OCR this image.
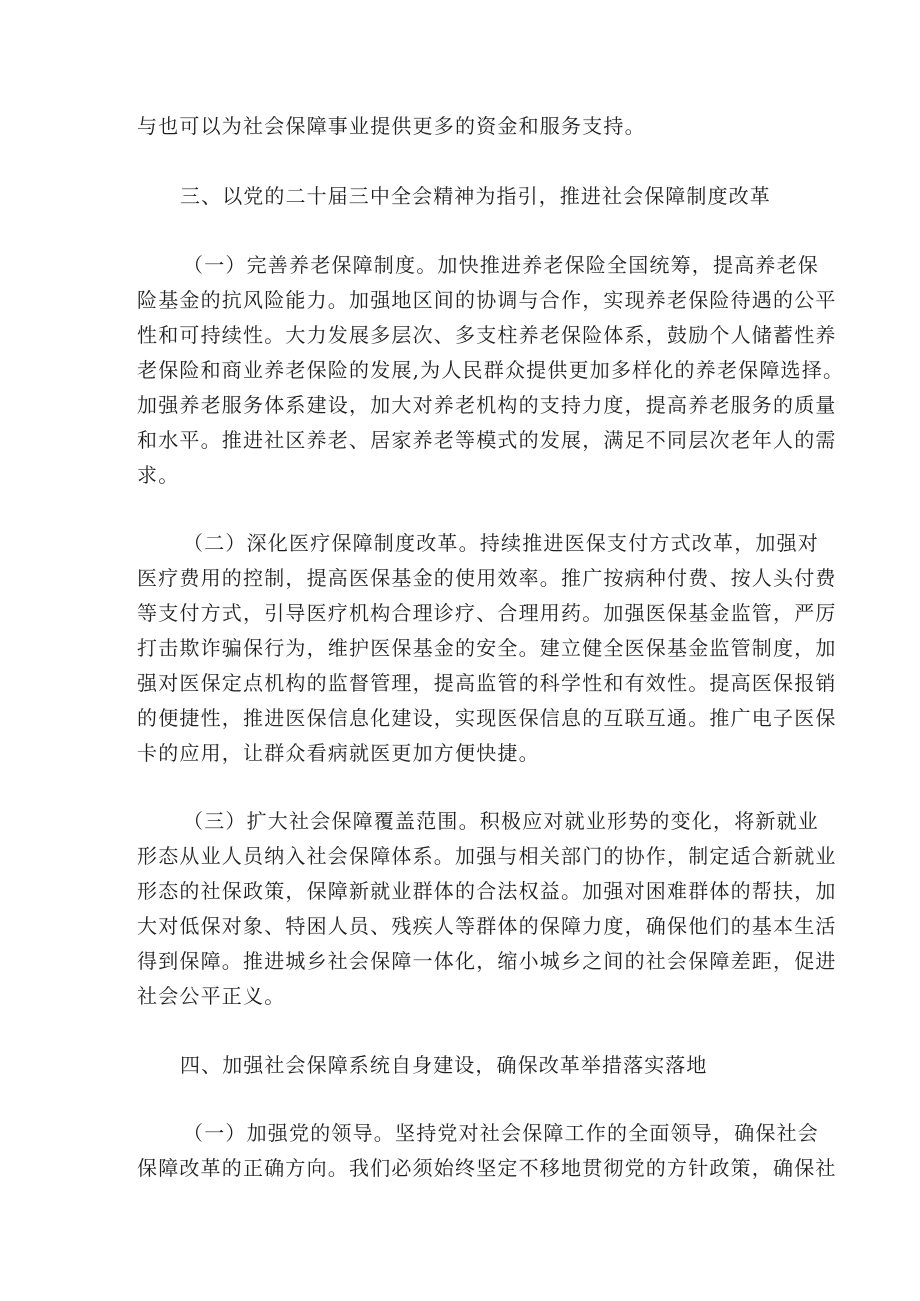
与也可以为社会保障事业提供更多的资金和服务支持。
三、以党的二十届三中全会精神为指引，推进社会保障制度改革
（一）完善养老保障制度。加快推进养老保险全国统筹，提高养老保
险基金的抗风险能力。加强地区间的协调与合作，实现养老保险待遇的公平
性和可持续性。大力发展多层次、多支柱养老保险体系，鼓励个人储蓄性养
老保险和商业养老保险的发展,为人民群众提供更加多样化的养老保障选择。
加强养老服务体系建设，加大对养老机构的支持力度，提高养老服务的质量
和水平。推进社区养老、居家养老等模式的发展，满足不同层次老年人的需
求。
（二）深化医疗保障制度改革。持续推进医保支付方式改革，加强对
医疗费用的控制，提高医保基金的使用效率。推广按病种付费、按人头付费
等支付方式，引导医疗机构合理诊疗、合理用药。加强医保基金监管，严厉
打击欺诈骗保行为，维护医保基金的安全。建立健全医保基金监管制度，加
强对医保定点机构的监督管理，提高监管的科学性和有效性。提高医保报销
的便捷性，推进医保信息化建设，实现医保信息的互联互通。推广电子医保
卡的应用，让群众看病就医更加方便快捷。
（三）扩大社会保障覆盖范围。积极应对就业形势的变化，将新就业
形态从业人员纳入社会保障体系。加强与相关部门的协作，制定适合新就业
形态的社保政策，保障新就业群体的合法权益。加强对困难群体的帮扶，加
大对低保对象、特困人员、残疾人等群体的保障力度，确保他们的基本生活
得到保障。推进城乡社会保障一体化，缩小城乡之间的社会保障差距，促进
社会公平正义。
四、加强社会保障系统自身建设，确保改革举措落实落地
（一）加强党的领导。坚持党对社会保障工作的全面领导，确保社会
保障改革的正确方向。我们必须始终坚定不移地贯彻党的方针政策，确保社
